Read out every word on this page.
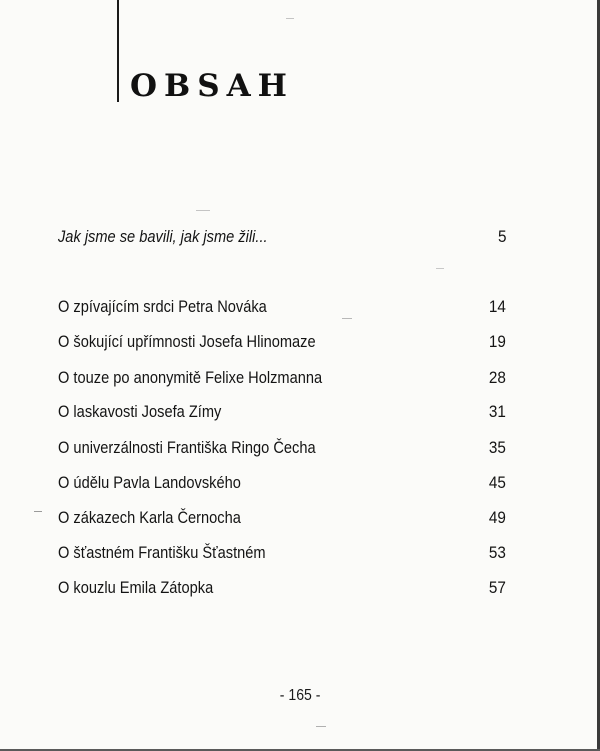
OBSAH
Jak jsme se bavili, jak jsme žili...	5
O zpívajícím srdci Petra Nováka	14
O šokující upřímnosti Josefa Hlinomaze	19
O touze po anonymitě Felixe Holzmanna	28
O laskavosti Josefa Zímy	31
O univerzálnosti Františka Ringo Čecha	35
O údělu Pavla Landovského	45
O zákazech Karla Černocha	49
O šťastném Františku Šťastném	53
O kouzlu Emila Zátopka	57
- 165 -
